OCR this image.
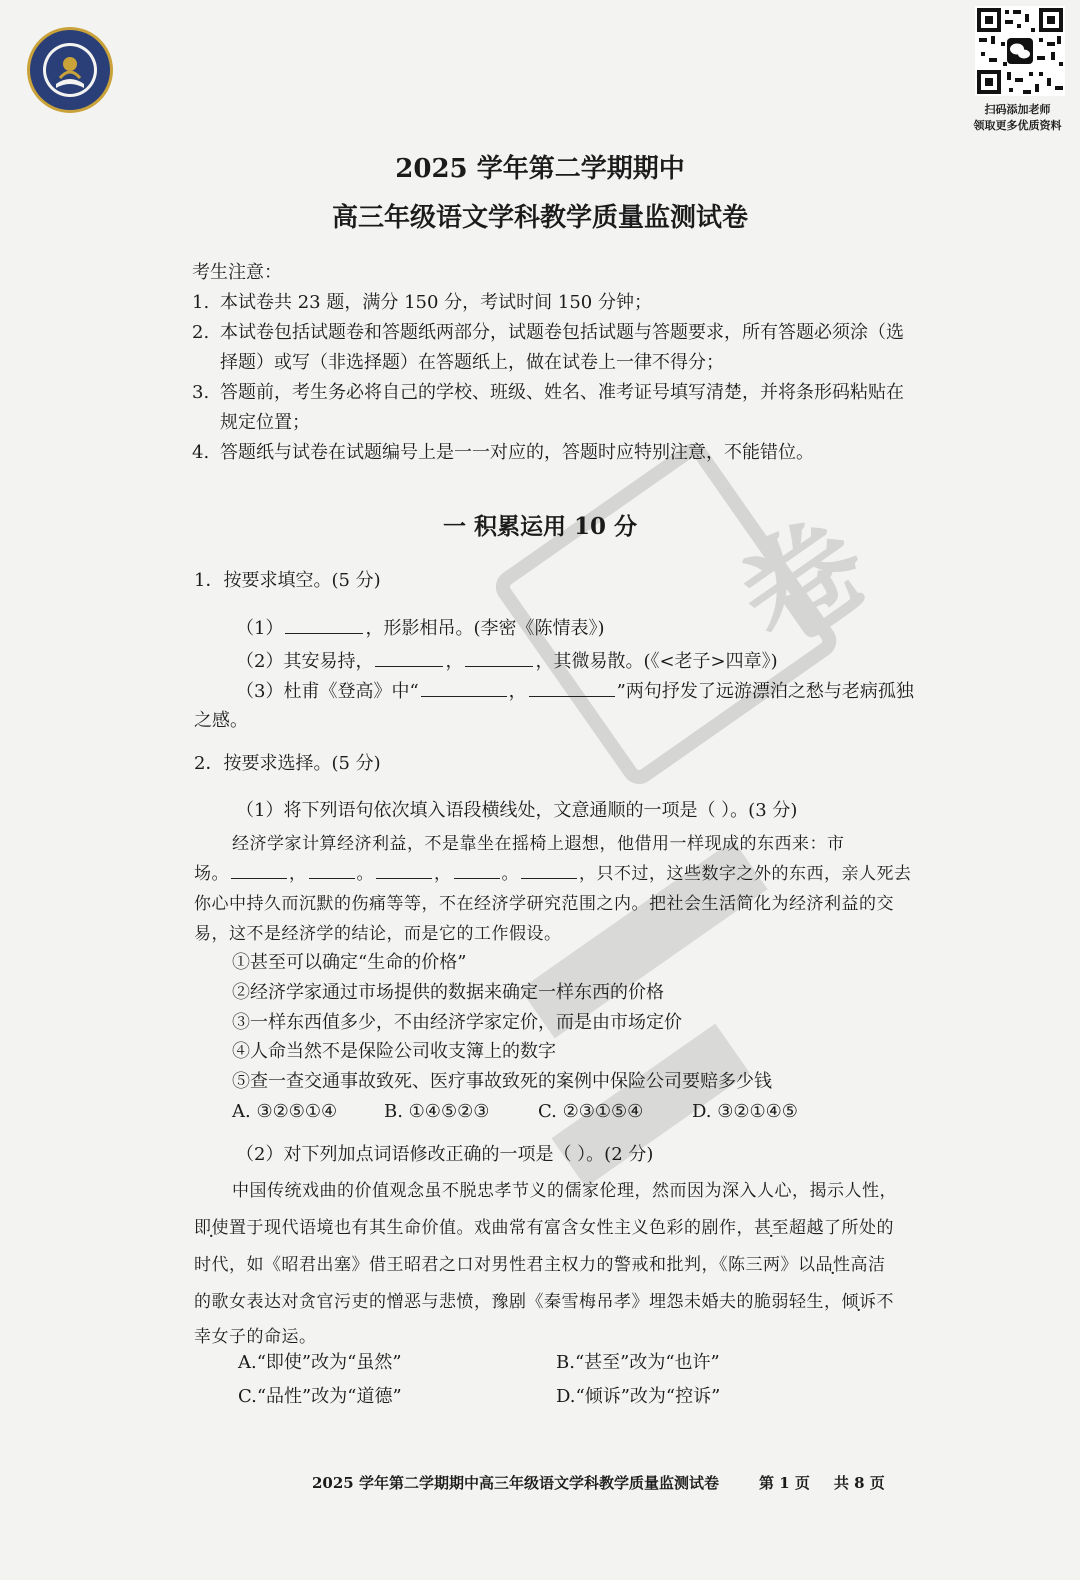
扫码添加老师
领取更多优质资料
卷
2025 学年第二学期期中
高三年级语文学科教学质量监测试卷
考生注意：
1. 本试卷共 23 题，满分 150 分，考试时间 150 分钟；
2. 本试卷包括试题卷和答题纸两部分，试题卷包括试题与答题要求，所有答题必须涂（选
择题）或写（非选择题）在答题纸上，做在试卷上一律不得分；
3. 答题前，考生务必将自己的学校、班级、姓名、准考证号填写清楚，并将条形码粘贴在
规定位置；
4. 答题纸与试卷在试题编号上是一一对应的，答题时应特别注意，不能错位。
一 积累运用 10 分
1．按要求填空。(5 分)
（1）	，形影相吊。(李密《陈情表》)
（2）其安易持，	，	，其微易散。(《<老子>四章》)
（3）杜甫《登高》中“	，	”两句抒发了远游漂泊之愁与老病孤独
之感。
2．按要求选择。(5 分)
（1）将下列语句依次填入语段横线处，文意通顺的一项是（ ）。(3 分)
经济学家计算经济利益，不是靠坐在摇椅上遐想，他借用一样现成的东西来：市
场。	，	。	，	。	，只不过，这些数字之外的东西，亲人死去
你心中持久而沉默的伤痛等等，不在经济学研究范围之内。把社会生活简化为经济利益的交
易，这不是经济学的结论，而是它的工作假设。
①甚至可以确定“生命的价格”
②经济学家通过市场提供的数据来确定一样东西的价格
③一样东西值多少，不由经济学家定价，而是由市场定价
④人命当然不是保险公司收支簿上的数字
⑤查一查交通事故致死、医疗事故致死的案例中保险公司要赔多少钱
A. ③②⑤①④	B. ①④⑤②③	C. ②③①⑤④	D. ③②①④⑤
（2）对下列加点词语修改正确的一项是（ ）。(2 分)
中国传统戏曲的价值观念虽不脱忠孝节义的儒家伦理，然而因为深入人心，揭示人性，
即使置于现代语境也有其生命价值。戏曲常有富含女性主义色彩的剧作，甚至超越了所处的
时代，如《昭君出塞》借王昭君之口对男性君主权力的警戒和批判，《陈三两》以品性高洁
的歌女表达对贪官污吏的憎恶与悲愤，豫剧《秦雪梅吊孝》埋怨未婚夫的脆弱轻生，倾诉不
幸女子的命运。
A.“即使”改为“虽然”	B.“甚至”改为“也许”
C.“品性”改为“道德”	D.“倾诉”改为“控诉”
2025 学年第二学期期中高三年级语文学科教学质量监测试卷	第 1 页 共 8 页
